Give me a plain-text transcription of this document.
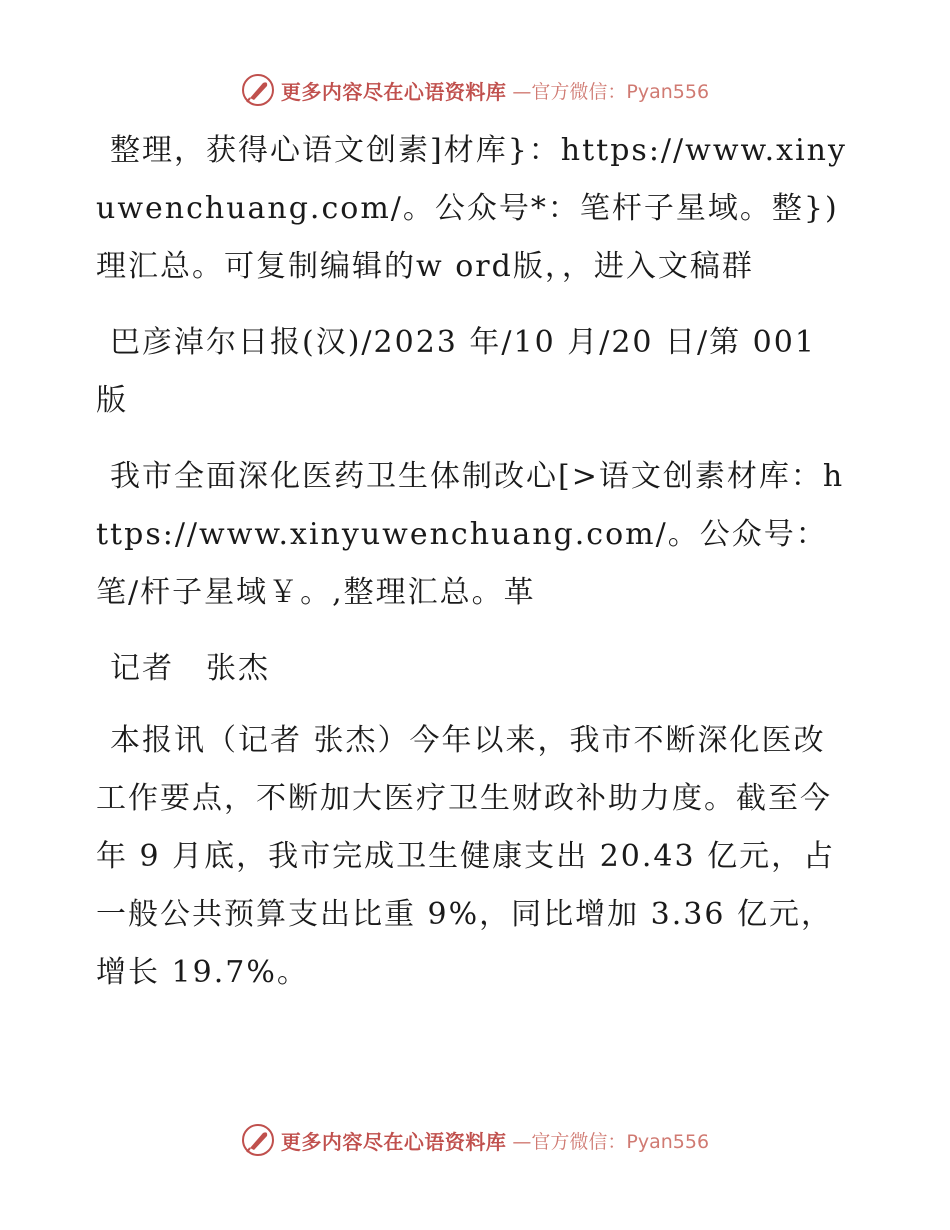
更多内容尽在心语资料库 —官方微信：Pyan556

整理，获得心语文创素]材库}：https://www.xinyuwenchuang.com/。公众号*：笔杆子星域。整})理汇总。可复制编辑的w ord版，，进入文稿群

巴彦淖尔日报(汉)/2023 年/10 月/20 日/第 001 版

我市全面深化医药卫生体制改心[>语文创素材库：https://www.xinyuwenchuang.com/。公众号：笔/杆子星域￥。,整理汇总。革

记者　张杰

本报讯（记者 张杰）今年以来，我市不断深化医改工作要点，不断加大医疗卫生财政补助力度。截至今年 9 月底，我市完成卫生健康支出 20.43 亿元，占一般公共预算支出比重 9%，同比增加 3.36 亿元，增长 19.7%。

更多内容尽在心语资料库 —官方微信：Pyan556
